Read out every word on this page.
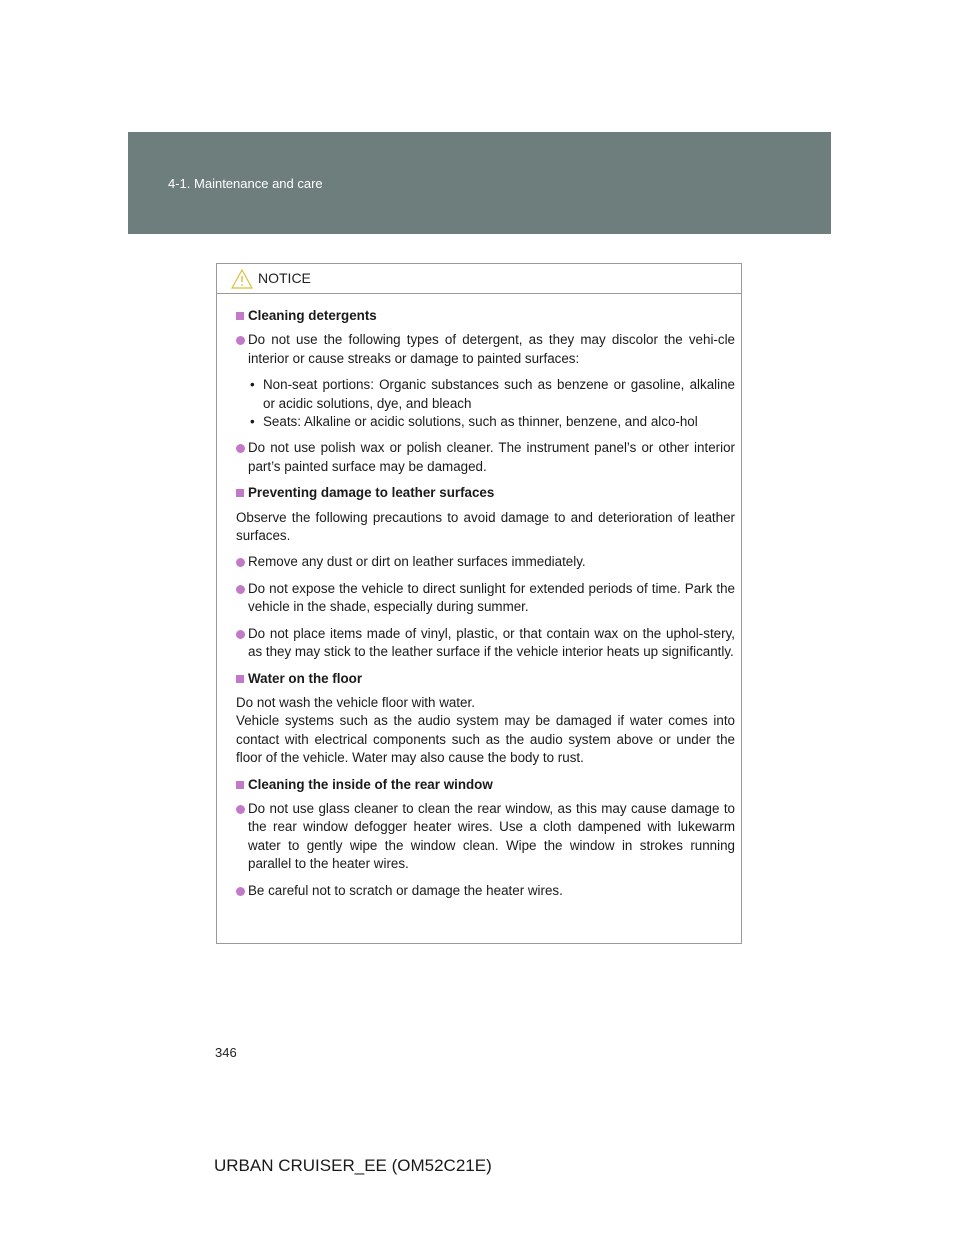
4-1. Maintenance and care
NOTICE
Cleaning detergents
Do not use the following types of detergent, as they may discolor the vehi-cle interior or cause streaks or damage to painted surfaces:
• Non-seat portions: Organic substances such as benzene or gasoline, alkaline or acidic solutions, dye, and bleach
• Seats: Alkaline or acidic solutions, such as thinner, benzene, and alco-hol
Do not use polish wax or polish cleaner. The instrument panel’s or other interior part’s painted surface may be damaged.
Preventing damage to leather surfaces
Observe the following precautions to avoid damage to and deterioration of leather surfaces.
Remove any dust or dirt on leather surfaces immediately.
Do not expose the vehicle to direct sunlight for extended periods of time. Park the vehicle in the shade, especially during summer.
Do not place items made of vinyl, plastic, or that contain wax on the uphol-stery, as they may stick to the leather surface if the vehicle interior heats up significantly.
Water on the floor
Do not wash the vehicle floor with water.
Vehicle systems such as the audio system may be damaged if water comes into contact with electrical components such as the audio system above or under the floor of the vehicle. Water may also cause the body to rust.
Cleaning the inside of the rear window
Do not use glass cleaner to clean the rear window, as this may cause damage to the rear window defogger heater wires. Use a cloth dampened with lukewarm water to gently wipe the window clean. Wipe the window in strokes running parallel to the heater wires.
Be careful not to scratch or damage the heater wires.
346
URBAN CRUISER_EE (OM52C21E)
